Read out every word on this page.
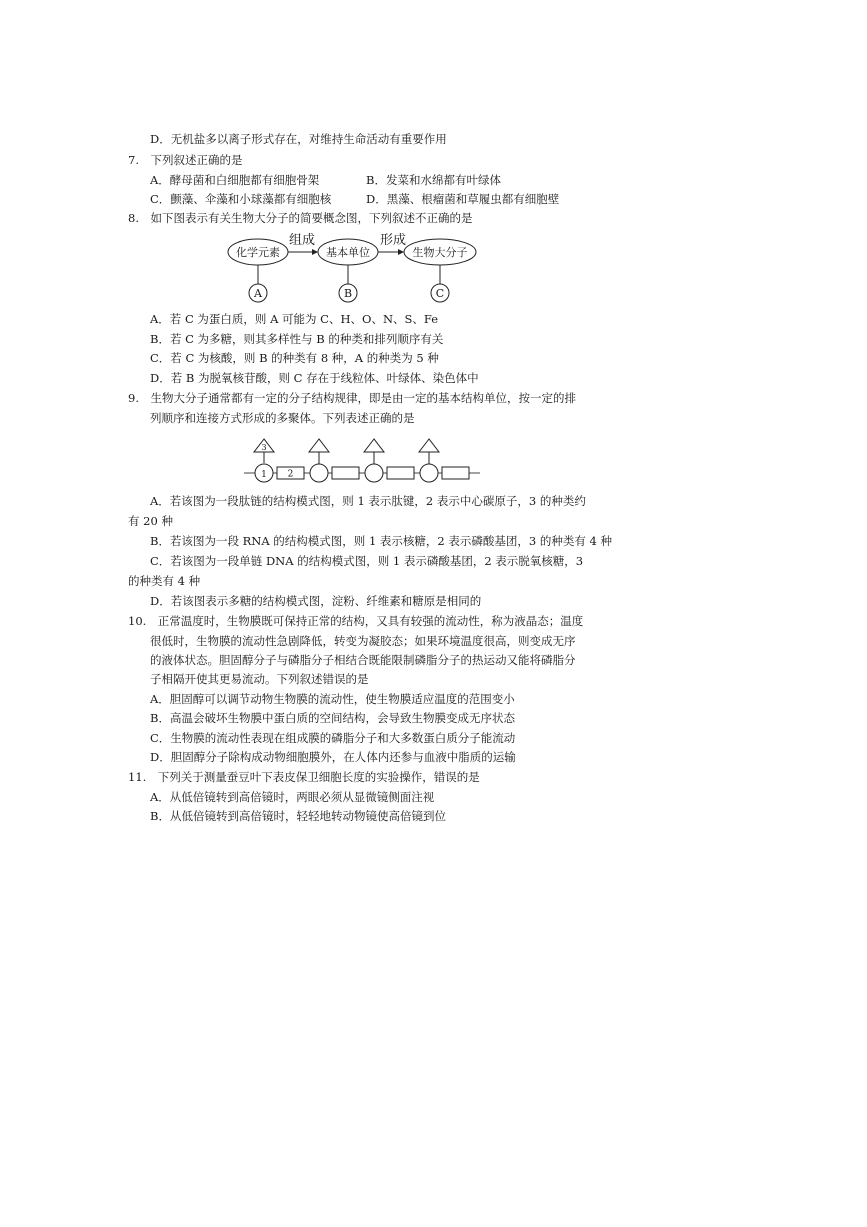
D．无机盐多以离子形式存在，对维持生命活动有重要作用
7.　下列叙述正确的是
A．酵母菌和白细胞都有细胞骨架	B．发菜和水绵都有叶绿体
C．颤藻、伞藻和小球藻都有细胞核	D．黑藻、根瘤菌和草履虫都有细胞壁
8.　如下图表示有关生物大分子的简要概念图，下列叙述不正确的是
化学元素	基本单位	生物大分子
组成	形成
A	B	C
A．若 C 为蛋白质，则 A 可能为 C、H、O、N、S、Fe
B．若 C 为多糖，则其多样性与 B 的种类和排列顺序有关
C．若 C 为核酸，则 B 的种类有 8 种，A 的种类为 5 种
D．若 B 为脱氧核苷酸，则 C 存在于线粒体、叶绿体、染色体中
9.　生物大分子通常都有一定的分子结构规律，即是由一定的基本结构单位，按一定的排
列顺序和连接方式形成的多聚体。下列表述正确的是
3
1 2
A．若该图为一段肽链的结构模式图，则 1 表示肽键，2 表示中心碳原子，3 的种类约
有 20 种
B．若该图为一段 RNA 的结构模式图，则 1 表示核糖，2 表示磷酸基团，3 的种类有 4 种
C．若该图为一段单链 DNA 的结构模式图，则 1 表示磷酸基团，2 表示脱氧核糖，3
的种类有 4 种
D．若该图表示多糖的结构模式图，淀粉、纤维素和糖原是相同的
10.　正常温度时，生物膜既可保持正常的结构，又具有较强的流动性，称为液晶态；温度
很低时，生物膜的流动性急剧降低，转变为凝胶态；如果环境温度很高，则变成无序
的液体状态。胆固醇分子与磷脂分子相结合既能限制磷脂分子的热运动又能将磷脂分
子相隔开使其更易流动。下列叙述错误的是
A．胆固醇可以调节动物生物膜的流动性，使生物膜适应温度的范围变小
B．高温会破坏生物膜中蛋白质的空间结构，会导致生物膜变成无序状态
C．生物膜的流动性表现在组成膜的磷脂分子和大多数蛋白质分子能流动
D．胆固醇分子除构成动物细胞膜外，在人体内还参与血液中脂质的运输
11.　下列关于测量蚕豆叶下表皮保卫细胞长度的实验操作，错误的是
A．从低倍镜转到高倍镜时，两眼必须从显微镜侧面注视
B．从低倍镜转到高倍镜时，轻轻地转动物镜使高倍镜到位
